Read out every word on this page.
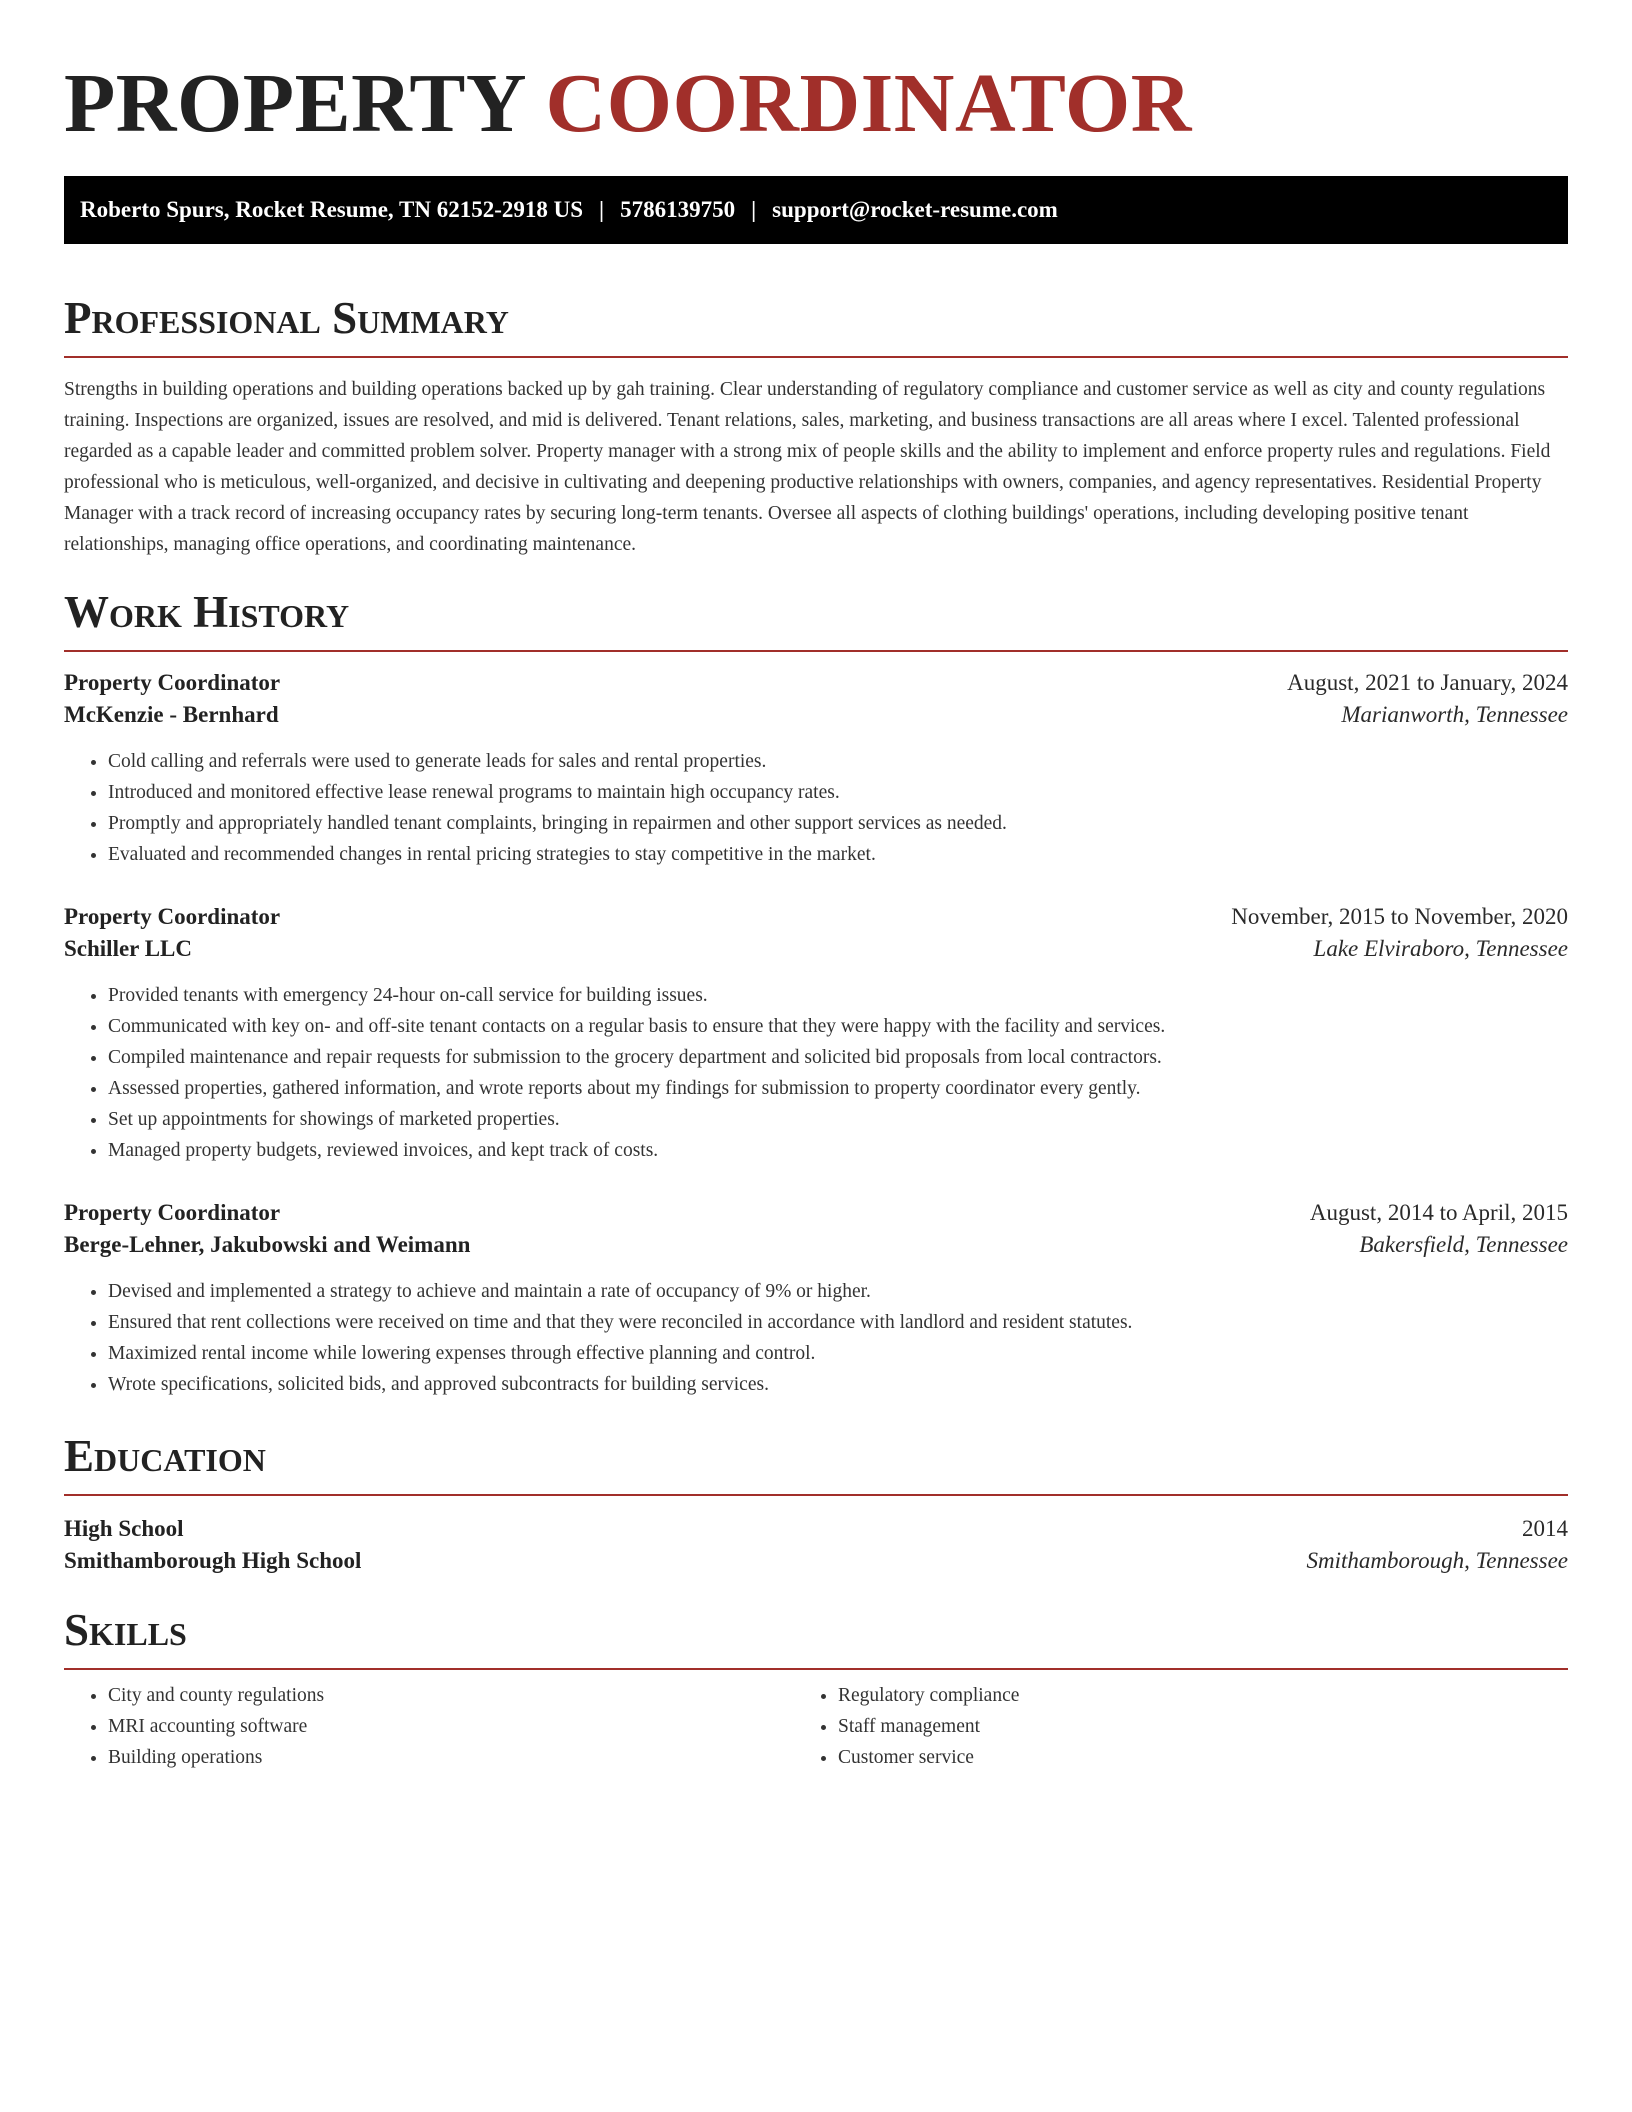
PROPERTY COORDINATOR
Roberto Spurs, Rocket Resume, TN 62152-2918 US | 5786139750 | support@rocket-resume.com
Professional Summary

Strengths in building operations and building operations backed up by gah training. Clear understanding of regulatory compliance and customer service as well as city and county regulations training. Inspections are organized, issues are resolved, and mid is delivered. Tenant relations, sales, marketing, and business transactions are all areas where I excel. Talented professional regarded as a capable leader and committed problem solver. Property manager with a strong mix of people skills and the ability to implement and enforce property rules and regulations. Field professional who is meticulous, well-organized, and decisive in cultivating and deepening productive relationships with owners, companies, and agency representatives. Residential Property Manager with a track record of increasing occupancy rates by securing long-term tenants. Oversee all aspects of clothing buildings' operations, including developing positive tenant relationships, managing office operations, and coordinating maintenance.

Work History
Property Coordinator	August, 2021 to January, 2024
McKenzie - Bernhard	Marianworth, Tennessee
• Cold calling and referrals were used to generate leads for sales and rental properties.
• Introduced and monitored effective lease renewal programs to maintain high occupancy rates.
• Promptly and appropriately handled tenant complaints, bringing in repairmen and other support services as needed.
• Evaluated and recommended changes in rental pricing strategies to stay competitive in the market.
Property Coordinator	November, 2015 to November, 2020
Schiller LLC	Lake Elviraboro, Tennessee
• Provided tenants with emergency 24-hour on-call service for building issues.
• Communicated with key on- and off-site tenant contacts on a regular basis to ensure that they were happy with the facility and services.
• Compiled maintenance and repair requests for submission to the grocery department and solicited bid proposals from local contractors.
• Assessed properties, gathered information, and wrote reports about my findings for submission to property coordinator every gently.
• Set up appointments for showings of marketed properties.
• Managed property budgets, reviewed invoices, and kept track of costs.
Property Coordinator	August, 2014 to April, 2015
Berge-Lehner, Jakubowski and Weimann	Bakersfield, Tennessee
• Devised and implemented a strategy to achieve and maintain a rate of occupancy of 9% or higher.
• Ensured that rent collections were received on time and that they were reconciled in accordance with landlord and resident statutes.
• Maximized rental income while lowering expenses through effective planning and control.
• Wrote specifications, solicited bids, and approved subcontracts for building services.
Education
High School	2014
Smithamborough High School	Smithamborough, Tennessee
Skills
• City and county regulations
• MRI accounting software
• Building operations
• Regulatory compliance
• Staff management
• Customer service
